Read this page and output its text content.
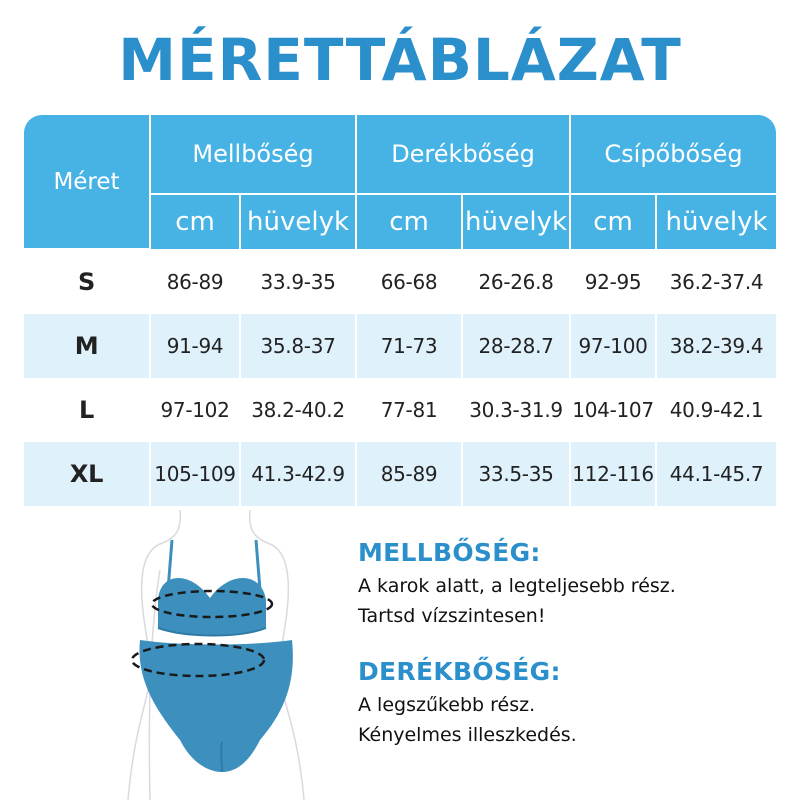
MÉRETTÁBLÁZAT
Méret	Mellbőség		Derékbőség		Csípőbőség	
	cm	hüvelyk	cm	hüvelyk	cm	hüvelyk
S	86-89	33.9-35	66-68	26-26.8	92-95	36.2-37.4
M	91-94	35.8-37	71-73	28-28.7	97-100	38.2-39.4
L	97-102	38.2-40.2	77-81	30.3-31.9	104-107	40.9-42.1
XL	105-109	41.3-42.9	85-89	33.5-35	112-116	44.1-45.7
MELLBŐSÉG:

A karok alatt, a legteljesebb rész.
Tartsd vízszintesen!

DERÉKBŐSÉG:

A legszűkebb rész.
Kényelmes illeszkedés.
